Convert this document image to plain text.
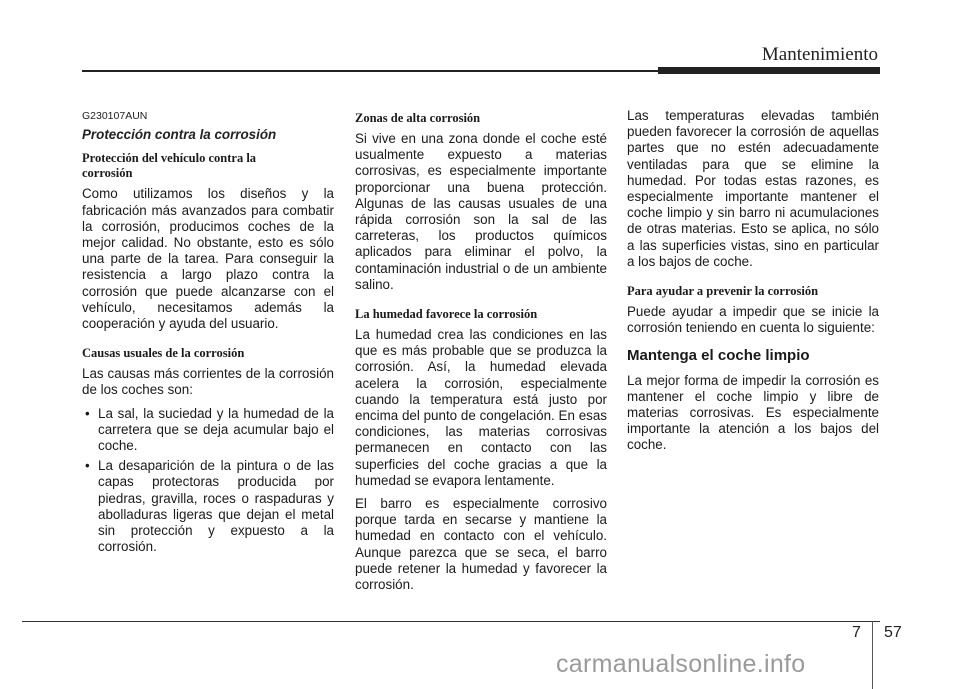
Mantenimiento
G230107AUN
Protección contra la corrosión
Protección del vehículo contra la corrosión

Como utilizamos los diseños y la fabricación más avanzados para combatir la corrosión, producimos coches de la mejor calidad. No obstante, esto es sólo una parte de la tarea. Para conseguir la resistencia a largo plazo contra la corrosión que puede alcanzarse con el vehículo, necesitamos además la cooperación y ayuda del usuario.

Causas usuales de la corrosión

Las causas más corrientes de la corrosión de los coches son:

• La sal, la suciedad y la humedad de la carretera que se deja acumular bajo el coche.
• La desaparición de la pintura o de las capas protectoras producida por piedras, gravilla, roces o raspaduras y abolladuras ligeras que dejan el metal sin protección y expuesto a la corrosión.
Zonas de alta corrosión

Si vive en una zona donde el coche esté usualmente expuesto a materias corrosivas, es especialmente importante proporcionar una buena protección. Algunas de las causas usuales de una rápida corrosión son la sal de las carreteras, los productos químicos aplicados para eliminar el polvo, la contaminación industrial o de un ambiente salino.

La humedad favorece la corrosión

La humedad crea las condiciones en las que es más probable que se produzca la corrosión. Así, la humedad elevada acelera la corrosión, especialmente cuando la temperatura está justo por encima del punto de congelación. En esas condiciones, las materias corrosivas permanecen en contacto con las superficies del coche gracias a que la humedad se evapora lentamente.

El barro es especialmente corrosivo porque tarda en secarse y mantiene la humedad en contacto con el vehículo. Aunque parezca que se seca, el barro puede retener la humedad y favorecer la corrosión.

Las temperaturas elevadas también pueden favorecer la corrosión de aquellas partes que no estén adecuadamente ventiladas para que se elimine la humedad. Por todas estas razones, es especialmente importante mantener el coche limpio y sin barro ni acumulaciones de otras materias. Esto se aplica, no sólo a las superficies vistas, sino en particular a los bajos de coche.

Para ayudar a prevenir la corrosión

Puede ayudar a impedir que se inicie la corrosión teniendo en cuenta lo siguiente:

Mantenga el coche limpio

La mejor forma de impedir la corrosión es mantener el coche limpio y libre de materias corrosivas. Es especialmente importante la atención a los bajos del coche.

7 57
carmanualsonline.info
